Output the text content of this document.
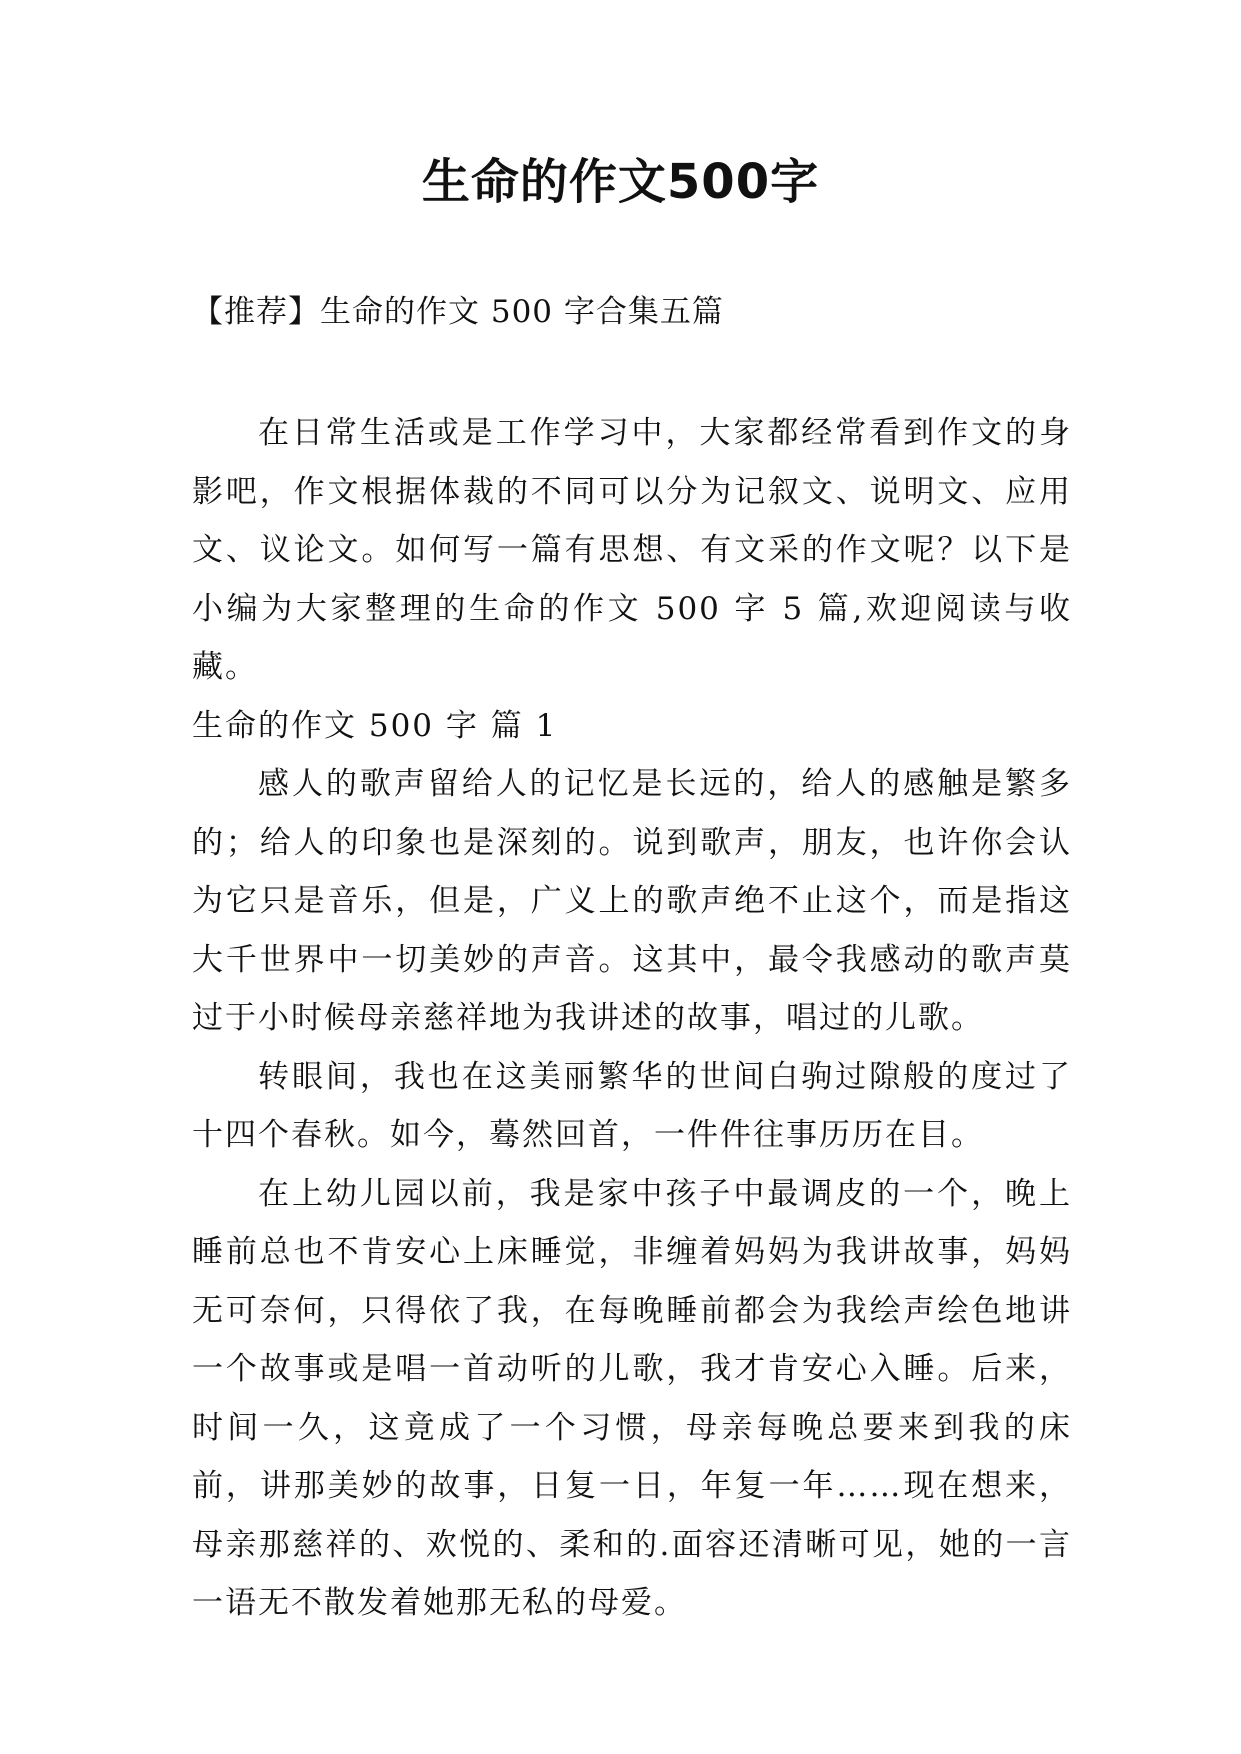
生命的作文500字
【推荐】生命的作文 500 字合集五篇

在日常生活或是工作学习中，大家都经常看到作文的身影吧，作文根据体裁的不同可以分为记叙文、说明文、应用文、议论文。如何写一篇有思想、有文采的作文呢？以下是小编为大家整理的生命的作文 500 字 5 篇,欢迎阅读与收藏。

生命的作文 500 字 篇 1

感人的歌声留给人的记忆是长远的，给人的感触是繁多的；给人的印象也是深刻的。说到歌声，朋友，也许你会认为它只是音乐，但是，广义上的歌声绝不止这个，而是指这大千世界中一切美妙的声音。这其中，最令我感动的歌声莫过于小时候母亲慈祥地为我讲述的故事，唱过的儿歌。

转眼间，我也在这美丽繁华的世间白驹过隙般的度过了十四个春秋。如今，蓦然回首，一件件往事历历在目。

在上幼儿园以前，我是家中孩子中最调皮的一个，晚上睡前总也不肯安心上床睡觉，非缠着妈妈为我讲故事，妈妈无可奈何，只得依了我，在每晚睡前都会为我绘声绘色地讲一个故事或是唱一首动听的儿歌，我才肯安心入睡。后来，时间一久，这竟成了一个习惯，母亲每晚总要来到我的床前，讲那美妙的故事，日复一日，年复一年……现在想来，母亲那慈祥的、欢悦的、柔和的.面容还清晰可见，她的一言一语无不散发着她那无私的母爱。
